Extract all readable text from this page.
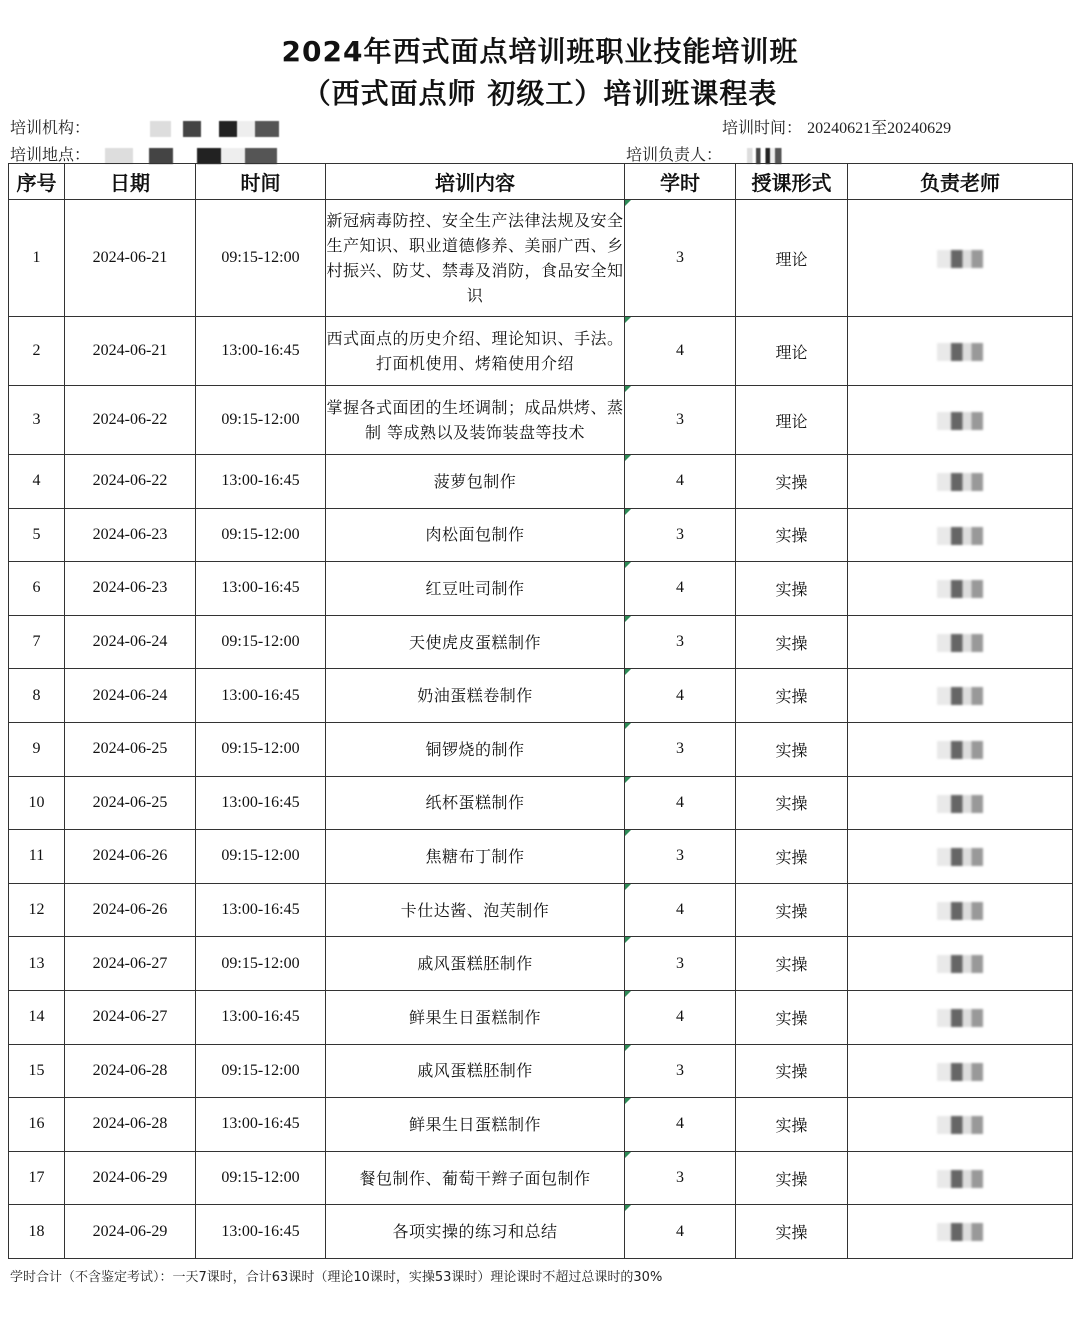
2024年西式面点培训班职业技能培训班
（西式面点师 初级工）培训班课程表
培训机构：
培训地点：
培训时间： 20240621至20240629
培训负责人：
序号	日期	时间	培训内容	学时	授课形式	负责老师
1	2024-06-21	09:15-12:00	新冠病毒防控、安全生产法律法规及安全生产知识、职业道德修养、美丽广西、乡村振兴、防艾、禁毒及消防，食品安全知识	3	理论	
2	2024-06-21	13:00-16:45	西式面点的历史介绍、理论知识、手法。打面机使用、烤箱使用介绍	4	理论	
3	2024-06-22	09:15-12:00	掌握各式面团的生坯调制；成品烘烤、蒸制 等成熟以及装饰装盘等技术	3	理论	
4	2024-06-22	13:00-16:45	菠萝包制作	4	实操	
5	2024-06-23	09:15-12:00	肉松面包制作	3	实操	
6	2024-06-23	13:00-16:45	红豆吐司制作	4	实操	
7	2024-06-24	09:15-12:00	天使虎皮蛋糕制作	3	实操	
8	2024-06-24	13:00-16:45	奶油蛋糕卷制作	4	实操	
9	2024-06-25	09:15-12:00	铜锣烧的制作	3	实操	
10	2024-06-25	13:00-16:45	纸杯蛋糕制作	4	实操	
11	2024-06-26	09:15-12:00	焦糖布丁制作	3	实操	
12	2024-06-26	13:00-16:45	卡仕达酱、泡芙制作	4	实操	
13	2024-06-27	09:15-12:00	戚风蛋糕胚制作	3	实操	
14	2024-06-27	13:00-16:45	鲜果生日蛋糕制作	4	实操	
15	2024-06-28	09:15-12:00	戚风蛋糕胚制作	3	实操	
16	2024-06-28	13:00-16:45	鲜果生日蛋糕制作	4	实操	
17	2024-06-29	09:15-12:00	餐包制作、葡萄干辫子面包制作	3	实操	
18	2024-06-29	13:00-16:45	各项实操的练习和总结	4	实操	
学时合计（不含鉴定考试）：一天7课时，合计63课时（理论10课时，实操53课时）理论课时不超过总课时的30%
